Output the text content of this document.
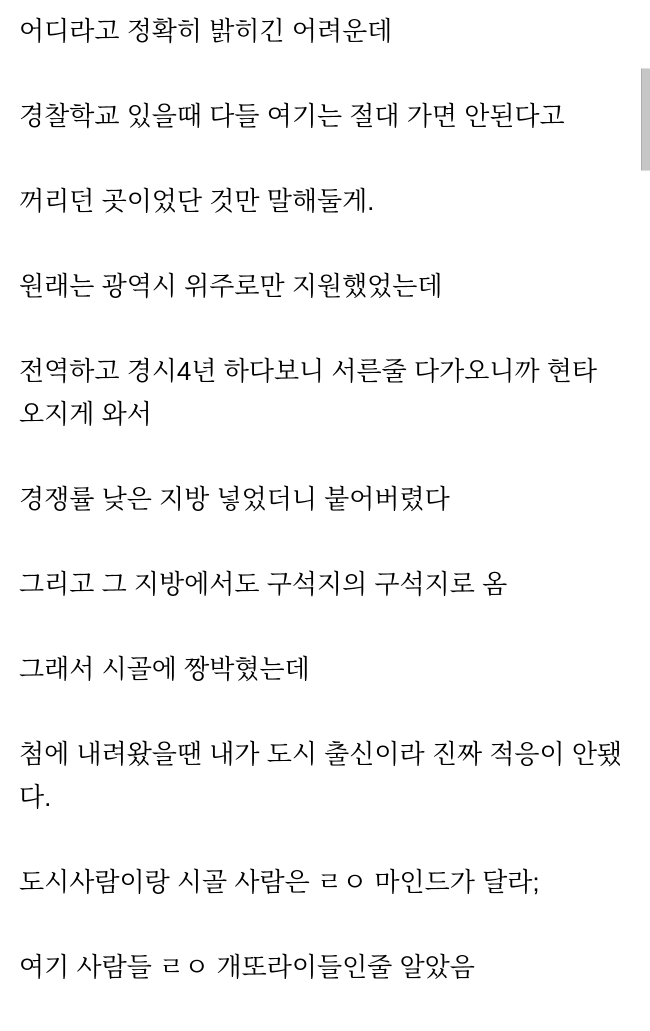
어디라고 정확히 밝히긴 어려운데

경찰학교 있을때 다들 여기는 절대 가면 안된다고

꺼리던 곳이었단 것만 말해둘게.

원래는 광역시 위주로만 지원했었는데

전역하고 경시4년 하다보니 서른줄 다가오니까 현타
오지게 와서

경쟁률 낮은 지방 넣었더니 붙어버렸다

그리고 그 지방에서도 구석지의 구석지로 옴

그래서 시골에 짱박혔는데

첨에 내려왔을땐 내가 도시 출신이라 진짜 적응이 안됐
다.

도시사람이랑 시골 사람은 ㄹㅇ 마인드가 달라;

여기 사람들 ㄹㅇ 개또라이들인줄 알았음
